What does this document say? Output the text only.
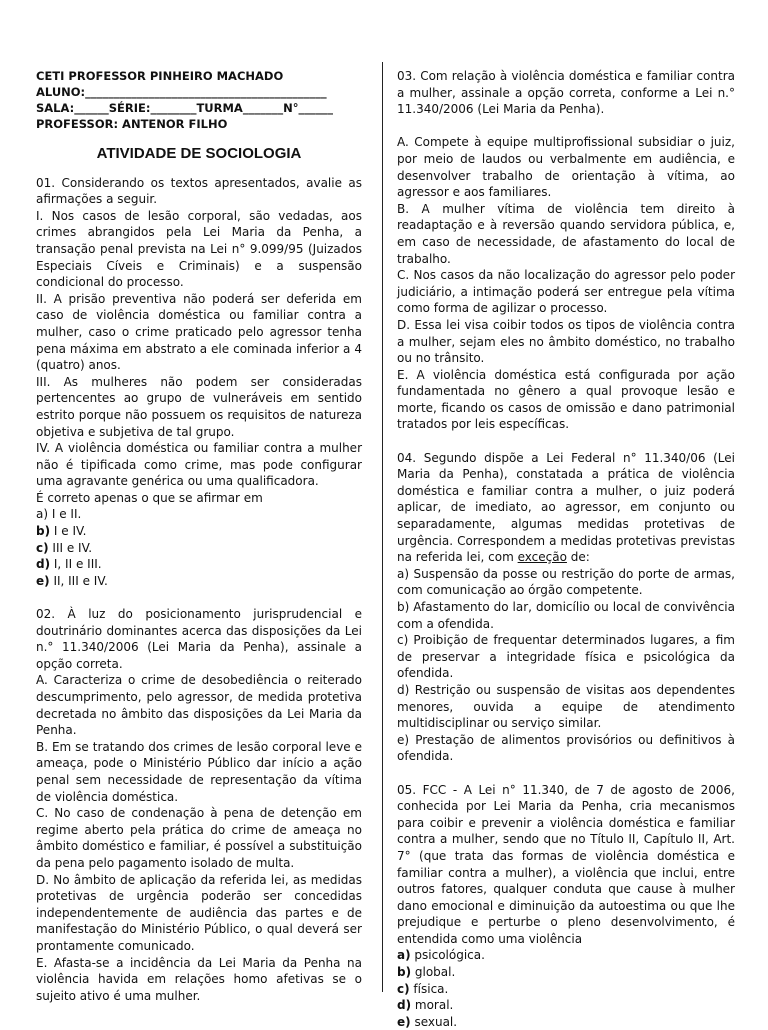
CETI PROFESSOR PINHEIRO MACHADO

ALUNO:__________________________________________

SALA:______SÉRIE:________TURMA_______N°______

PROFESSOR: ANTENOR FILHO

ATIVIDADE DE SOCIOLOGIA

01. Considerando os textos apresentados, avalie as afirmações a seguir.

I. Nos casos de lesão corporal, são vedadas, aos crimes abrangidos pela Lei Maria da Penha, a transação penal prevista na Lei n° 9.099/95 (Juizados Especiais Cíveis e Criminais) e a suspensão condicional do processo.

II. A prisão preventiva não poderá ser deferida em caso de violência doméstica ou familiar contra a mulher, caso o crime praticado pelo agressor tenha pena máxima em abstrato a ele cominada inferior a 4 (quatro) anos.

III. As mulheres não podem ser consideradas pertencentes ao grupo de vulneráveis em sentido estrito porque não possuem os requisitos de natureza objetiva e subjetiva de tal grupo.

IV. A violência doméstica ou familiar contra a mulher não é tipificada como crime, mas pode configurar uma agravante genérica ou uma qualificadora.

É correto apenas o que se afirmar em

a) I e II.

b) I e IV.

c) III e IV.

d) I, II e III.

e) II, III e IV.

02. À luz do posicionamento jurisprudencial e doutrinário dominantes acerca das disposições da Lei n.° 11.340/2006 (Lei Maria da Penha), assinale a opção correta.

A. Caracteriza o crime de desobediência o reiterado descumprimento, pelo agressor, de medida protetiva decretada no âmbito das disposições da Lei Maria da Penha.

B. Em se tratando dos crimes de lesão corporal leve e ameaça, pode o Ministério Público dar início a ação penal sem necessidade de representação da vítima de violência doméstica.

C. No caso de condenação à pena de detenção em regime aberto pela prática do crime de ameaça no âmbito doméstico e familiar, é possível a substituição da pena pelo pagamento isolado de multa.

D. No âmbito de aplicação da referida lei, as medidas protetivas de urgência poderão ser concedidas independentemente de audiência das partes e de manifestação do Ministério Público, o qual deverá ser prontamente comunicado.

E. Afasta-se a incidência da Lei Maria da Penha na violência havida em relações homo afetivas se o sujeito ativo é uma mulher.

03. Com relação à violência doméstica e familiar contra a mulher, assinale a opção correta, conforme a Lei n.° 11.340/2006 (Lei Maria da Penha).

A. Compete à equipe multiprofissional subsidiar o juiz, por meio de laudos ou verbalmente em audiência, e desenvolver trabalho de orientação à vítima, ao agressor e aos familiares.

B. A mulher vítima de violência tem direito à readaptação e à reversão quando servidora pública, e, em caso de necessidade, de afastamento do local de trabalho.

C. Nos casos da não localização do agressor pelo poder judiciário, a intimação poderá ser entregue pela vítima como forma de agilizar o processo.

D. Essa lei visa coibir todos os tipos de violência contra a mulher, sejam eles no âmbito doméstico, no trabalho ou no trânsito.

E. A violência doméstica está configurada por ação fundamentada no gênero a qual provoque lesão e morte, ficando os casos de omissão e dano patrimonial tratados por leis específicas.

04. Segundo dispõe a Lei Federal n° 11.340/06 (Lei Maria da Penha), constatada a prática de violência doméstica e familiar contra a mulher, o juiz poderá aplicar, de imediato, ao agressor, em conjunto ou separadamente, algumas medidas protetivas de urgência. Correspondem a medidas protetivas previstas na referida lei, com exceção de:

a) Suspensão da posse ou restrição do porte de armas, com comunicação ao órgão competente.

b) Afastamento do lar, domicílio ou local de convivência com a ofendida.

c) Proibição de frequentar determinados lugares, a fim de preservar a integridade física e psicológica da ofendida.

d) Restrição ou suspensão de visitas aos dependentes menores, ouvida a equipe de atendimento multidisciplinar ou serviço similar.

e) Prestação de alimentos provisórios ou definitivos à ofendida.

05. FCC - A Lei n° 11.340, de 7 de agosto de 2006, conhecida por Lei Maria da Penha, cria mecanismos para coibir e prevenir a violência doméstica e familiar contra a mulher, sendo que no Título II, Capítulo II, Art. 7° (que trata das formas de violência doméstica e familiar contra a mulher), a violência que inclui, entre outros fatores, qualquer conduta que cause à mulher dano emocional e diminuição da autoestima ou que lhe prejudique e perturbe o pleno desenvolvimento, é entendida como uma violência

a) psicológica.

b) global.

c) física.

d) moral.

e) sexual.
